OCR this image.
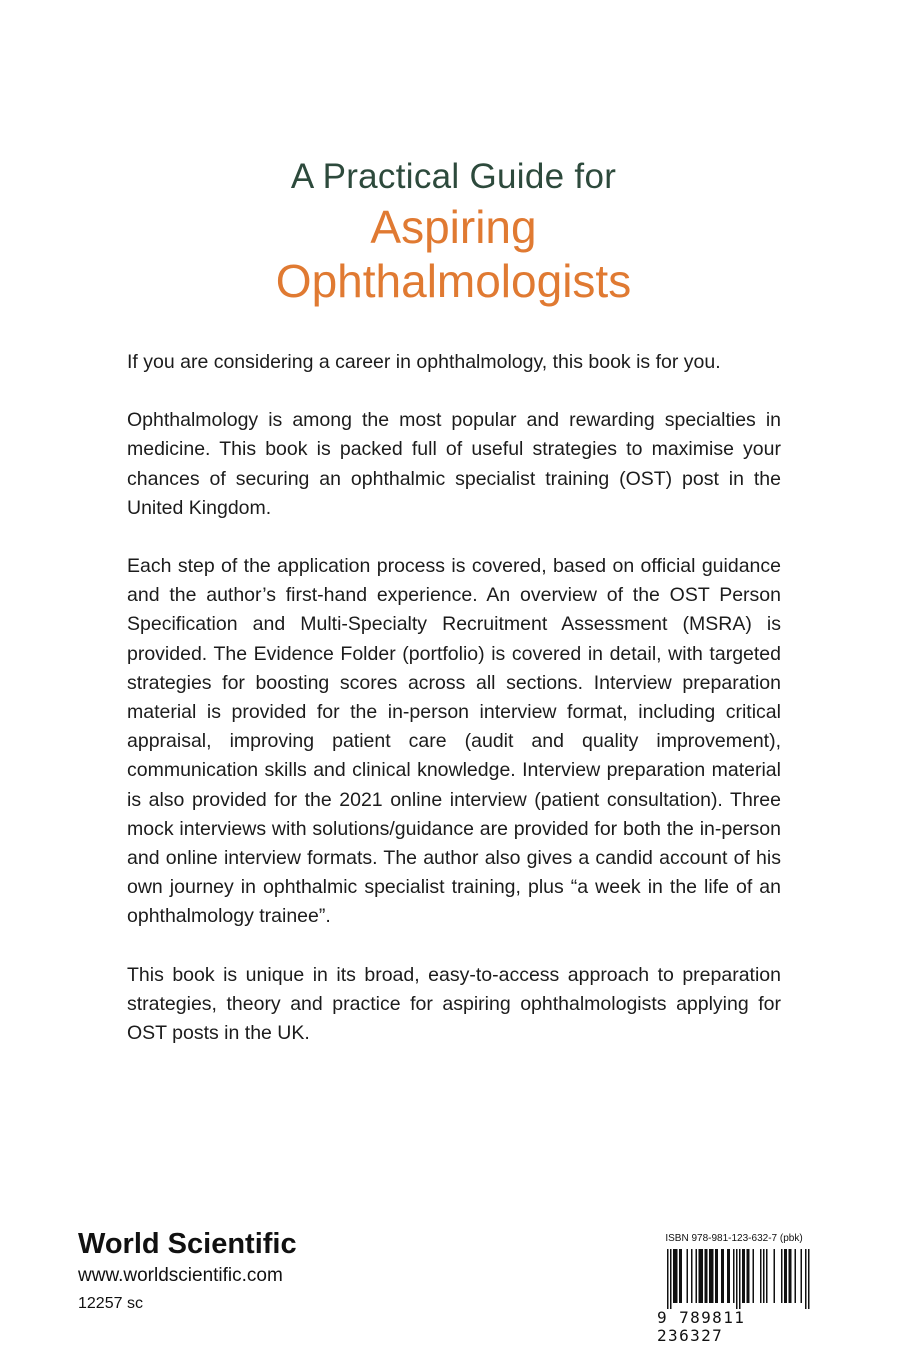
A Practical Guide for
Aspiring
Ophthalmologists

If you are considering a career in ophthalmology, this book is for you.

Ophthalmology is among the most popular and rewarding specialties in medicine. This book is packed full of useful strategies to maximise your chances of securing an ophthalmic specialist training (OST) post in the United Kingdom.

Each step of the application process is covered, based on official guidance and the author’s first-hand experience. An overview of the OST Person Specification and Multi-Specialty Recruitment Assessment (MSRA) is provided. The Evidence Folder (portfolio) is covered in detail, with targeted strategies for boosting scores across all sections. Interview preparation material is provided for the in-person interview format, including critical appraisal, improving patient care (audit and quality improvement), communication skills and clinical knowledge. Interview preparation material is also provided for the 2021 online interview (patient consultation). Three mock interviews with solutions/guidance are provided for both the in-person and online interview formats. The author also gives a candid account of his own journey in ophthalmic specialist training, plus “a week in the life of an ophthalmology trainee”.

This book is unique in its broad, easy-to-access approach to preparation strategies, theory and practice for aspiring ophthalmologists applying for OST posts in the UK.

World Scientific
www.worldscientific.com
12257 sc
ISBN 978-981-123-632-7 (pbk)
9 789811 236327
